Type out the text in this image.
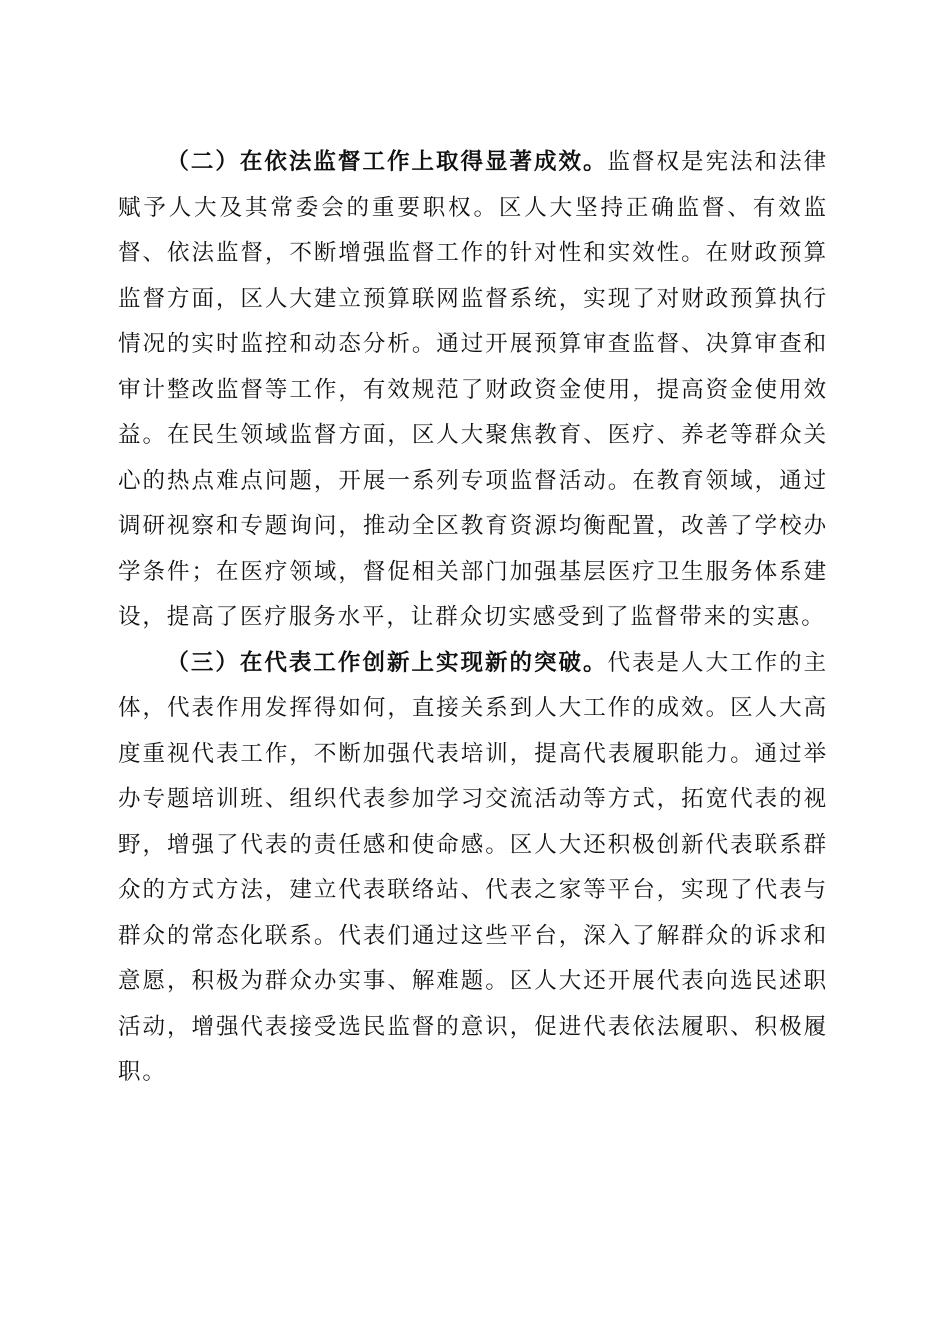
（二）在依法监督工作上取得显著成效。监督权是宪法和法律赋予人大及其常委会的重要职权。区人大坚持正确监督、有效监督、依法监督，不断增强监督工作的针对性和实效性。在财政预算监督方面，区人大建立预算联网监督系统，实现了对财政预算执行情况的实时监控和动态分析。通过开展预算审查监督、决算审查和审计整改监督等工作，有效规范了财政资金使用，提高资金使用效益。在民生领域监督方面，区人大聚焦教育、医疗、养老等群众关心的热点难点问题，开展一系列专项监督活动。在教育领域，通过调研视察和专题询问，推动全区教育资源均衡配置，改善了学校办学条件；在医疗领域，督促相关部门加强基层医疗卫生服务体系建设，提高了医疗服务水平，让群众切实感受到了监督带来的实惠。

（三）在代表工作创新上实现新的突破。代表是人大工作的主体，代表作用发挥得如何，直接关系到人大工作的成效。区人大高度重视代表工作，不断加强代表培训，提高代表履职能力。通过举办专题培训班、组织代表参加学习交流活动等方式，拓宽代表的视野，增强了代表的责任感和使命感。区人大还积极创新代表联系群众的方式方法，建立代表联络站、代表之家等平台，实现了代表与群众的常态化联系。代表们通过这些平台，深入了解群众的诉求和意愿，积极为群众办实事、解难题。区人大还开展代表向选民述职活动，增强代表接受选民监督的意识，促进代表依法履职、积极履职。
